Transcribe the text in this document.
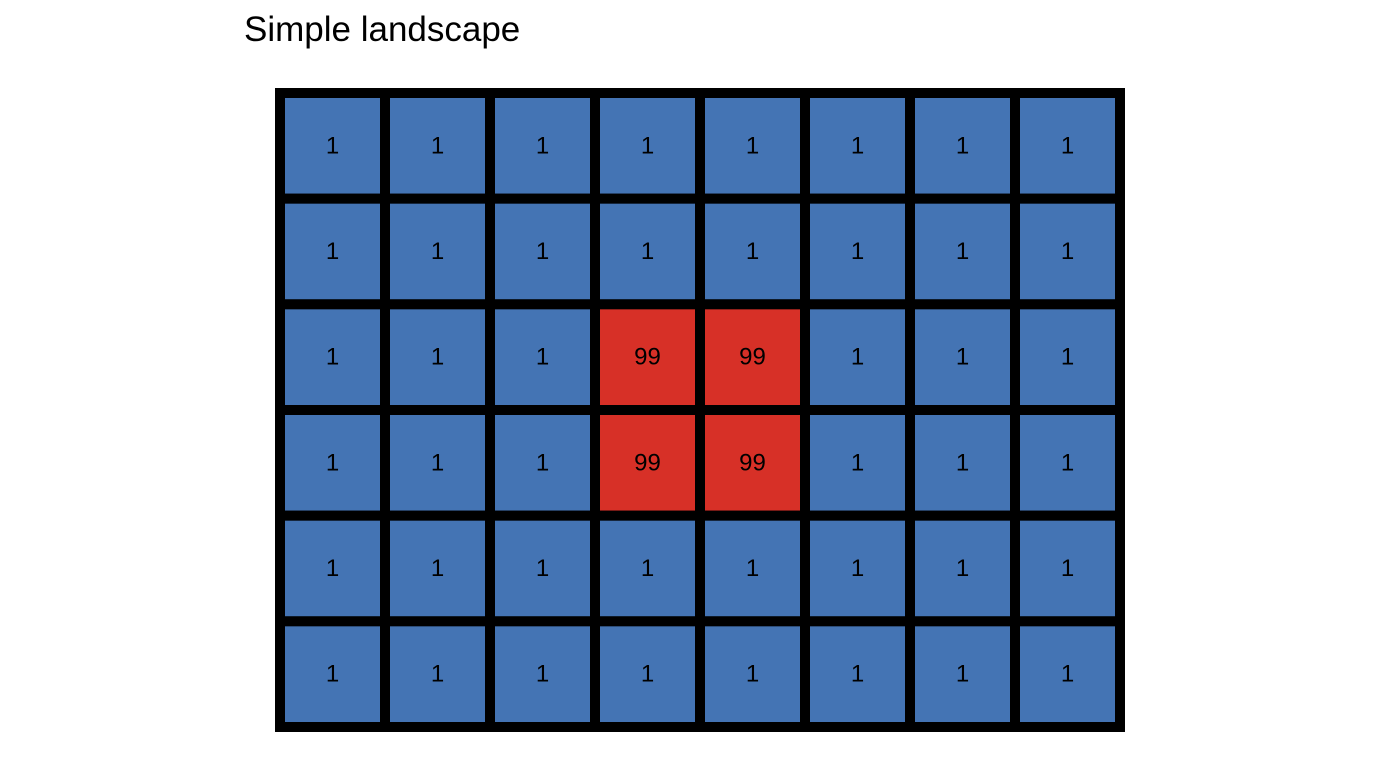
Simple landscape
1	1	1	1	1	1	1	1
1	1	1	1	1	1	1	1
1	1	1	99	99	1	1	1
1	1	1	99	99	1	1	1
1	1	1	1	1	1	1	1
1	1	1	1	1	1	1	1
